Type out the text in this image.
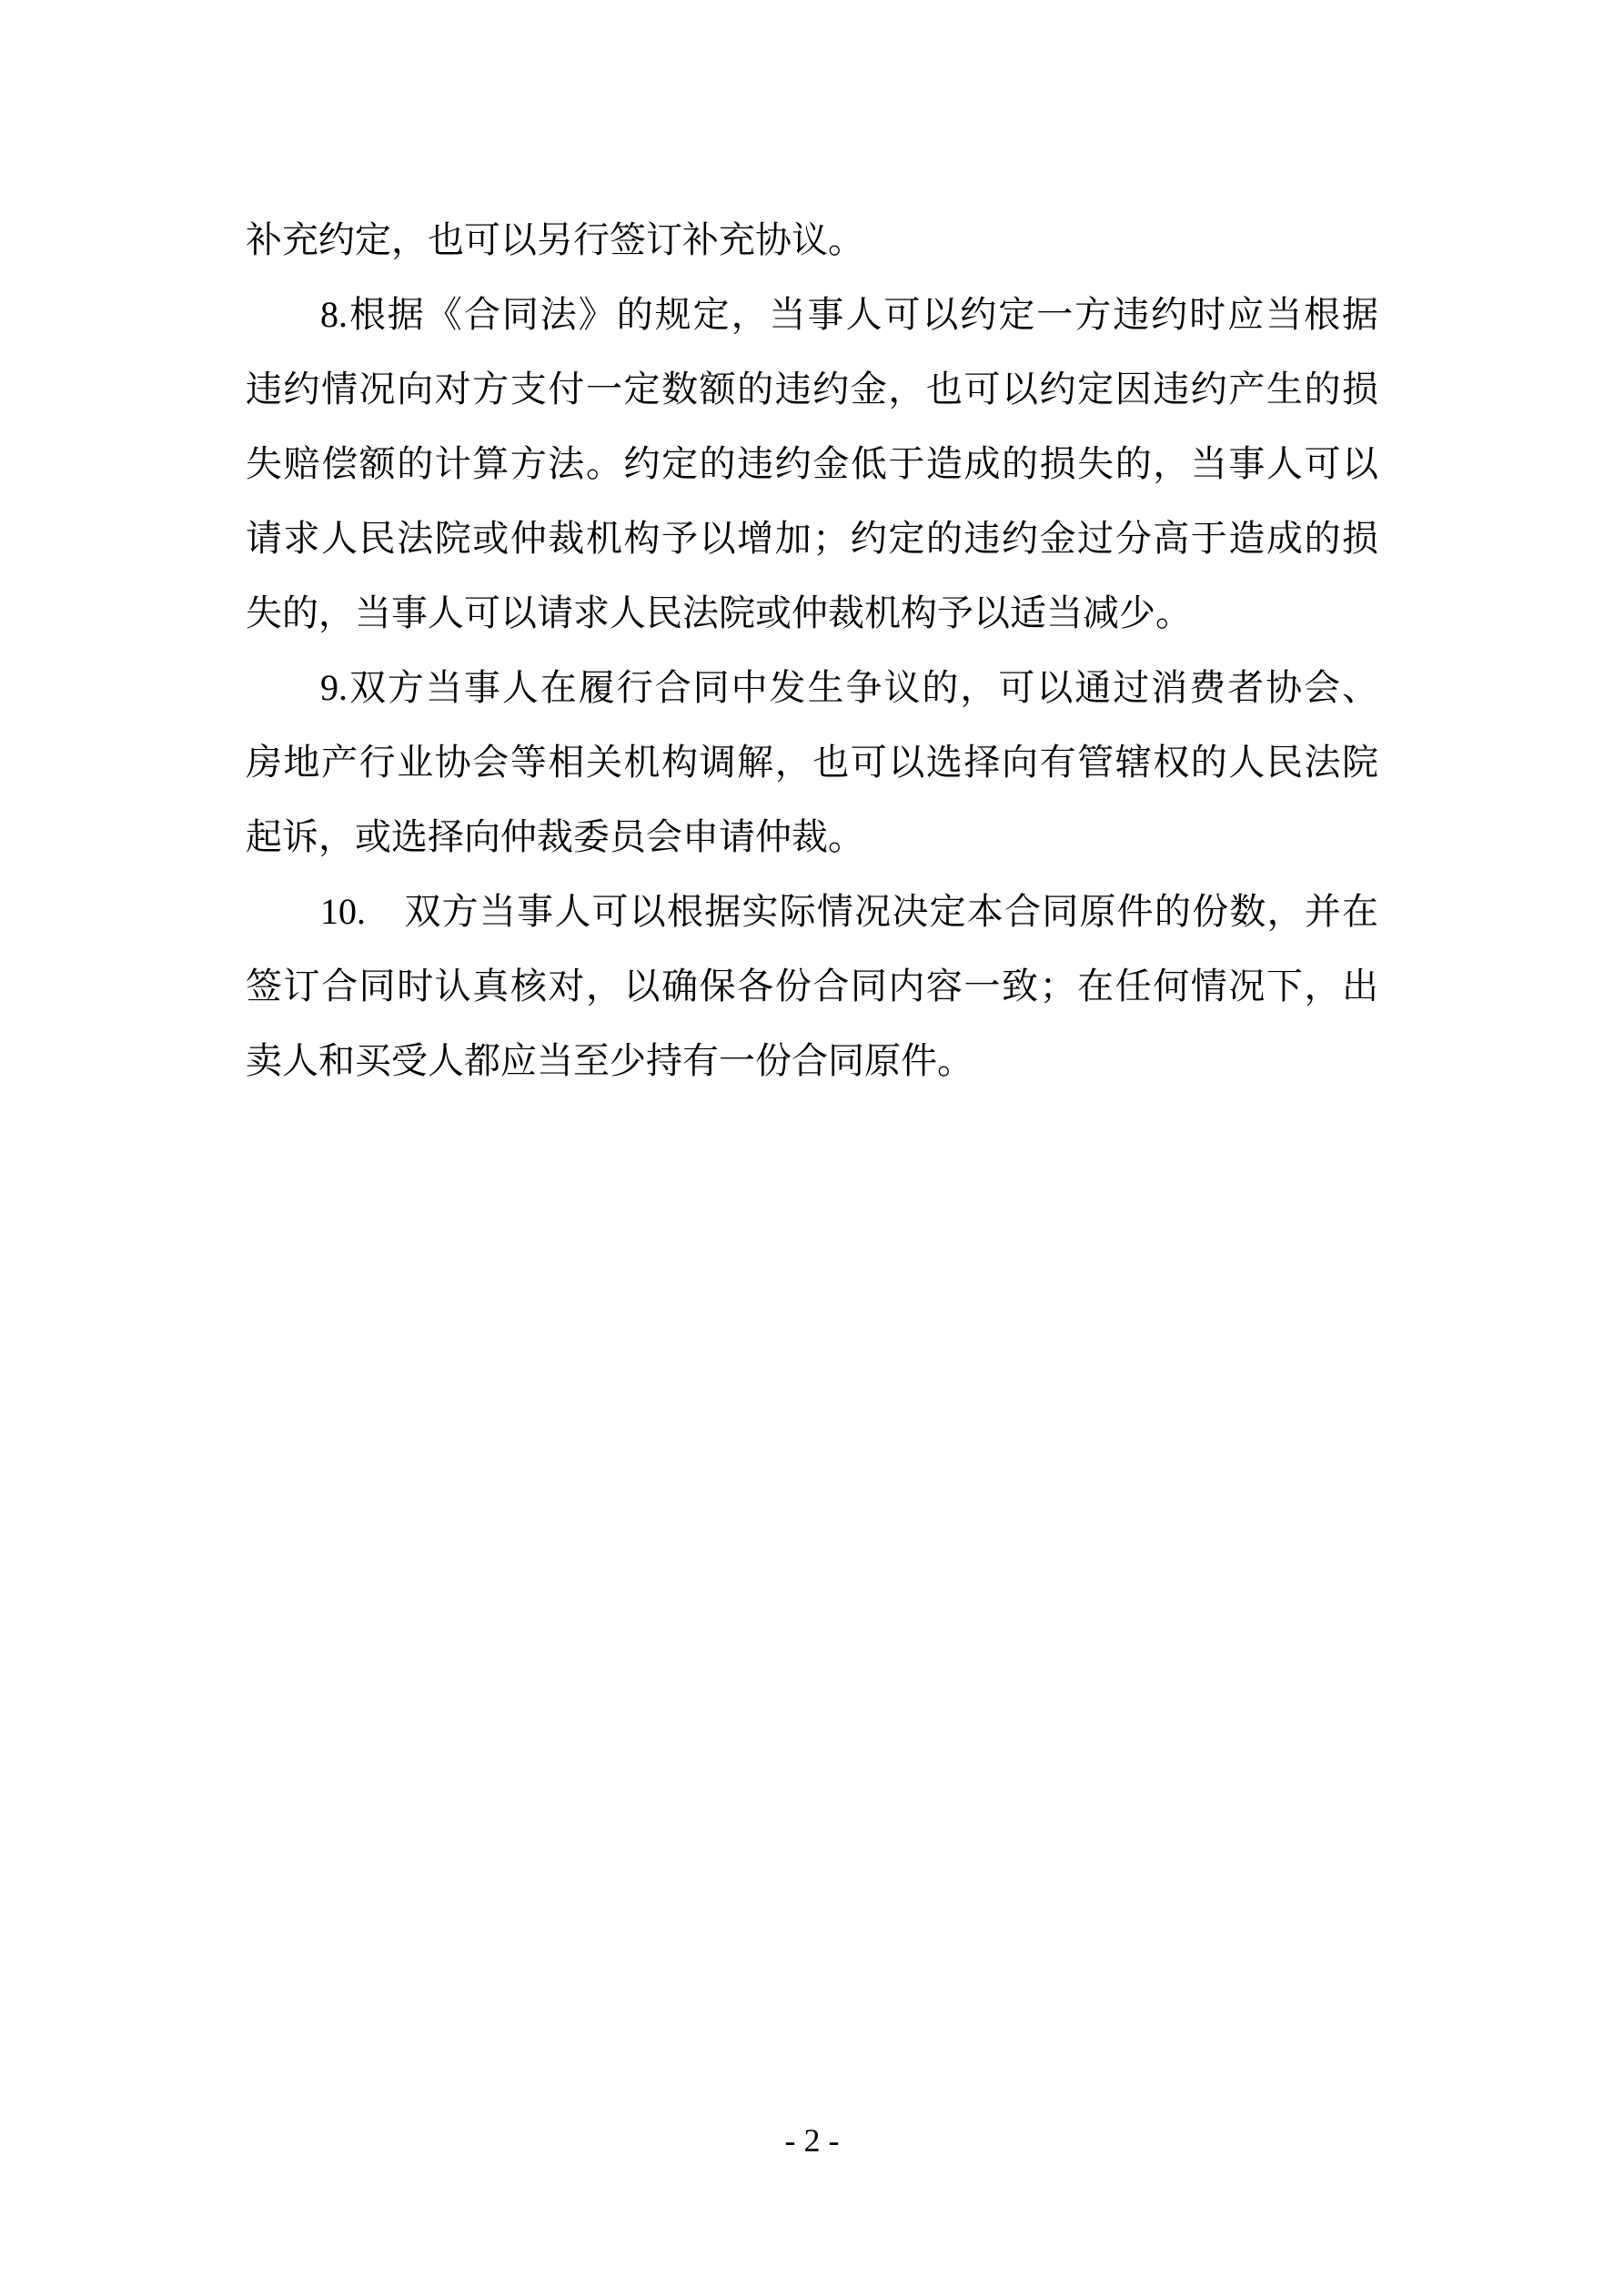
补充约定，也可以另行签订补充协议。
8.根据《合同法》的规定，当事人可以约定一方违约时应当根据
违约情况向对方支付一定数额的违约金，也可以约定因违约产生的损
失赔偿额的计算方法。约定的违约金低于造成的损失的，当事人可以
请求人民法院或仲裁机构予以增加；约定的违约金过分高于造成的损
失的，当事人可以请求人民法院或仲裁机构予以适当减少。
9.双方当事人在履行合同中发生争议的，可以通过消费者协会、
房地产行业协会等相关机构调解，也可以选择向有管辖权的人民法院
起诉，或选择向仲裁委员会申请仲裁。
10.　双方当事人可以根据实际情况决定本合同原件的份数，并在
签订合同时认真核对，以确保各份合同内容一致；在任何情况下，出
卖人和买受人都应当至少持有一份合同原件。
- 2 -
